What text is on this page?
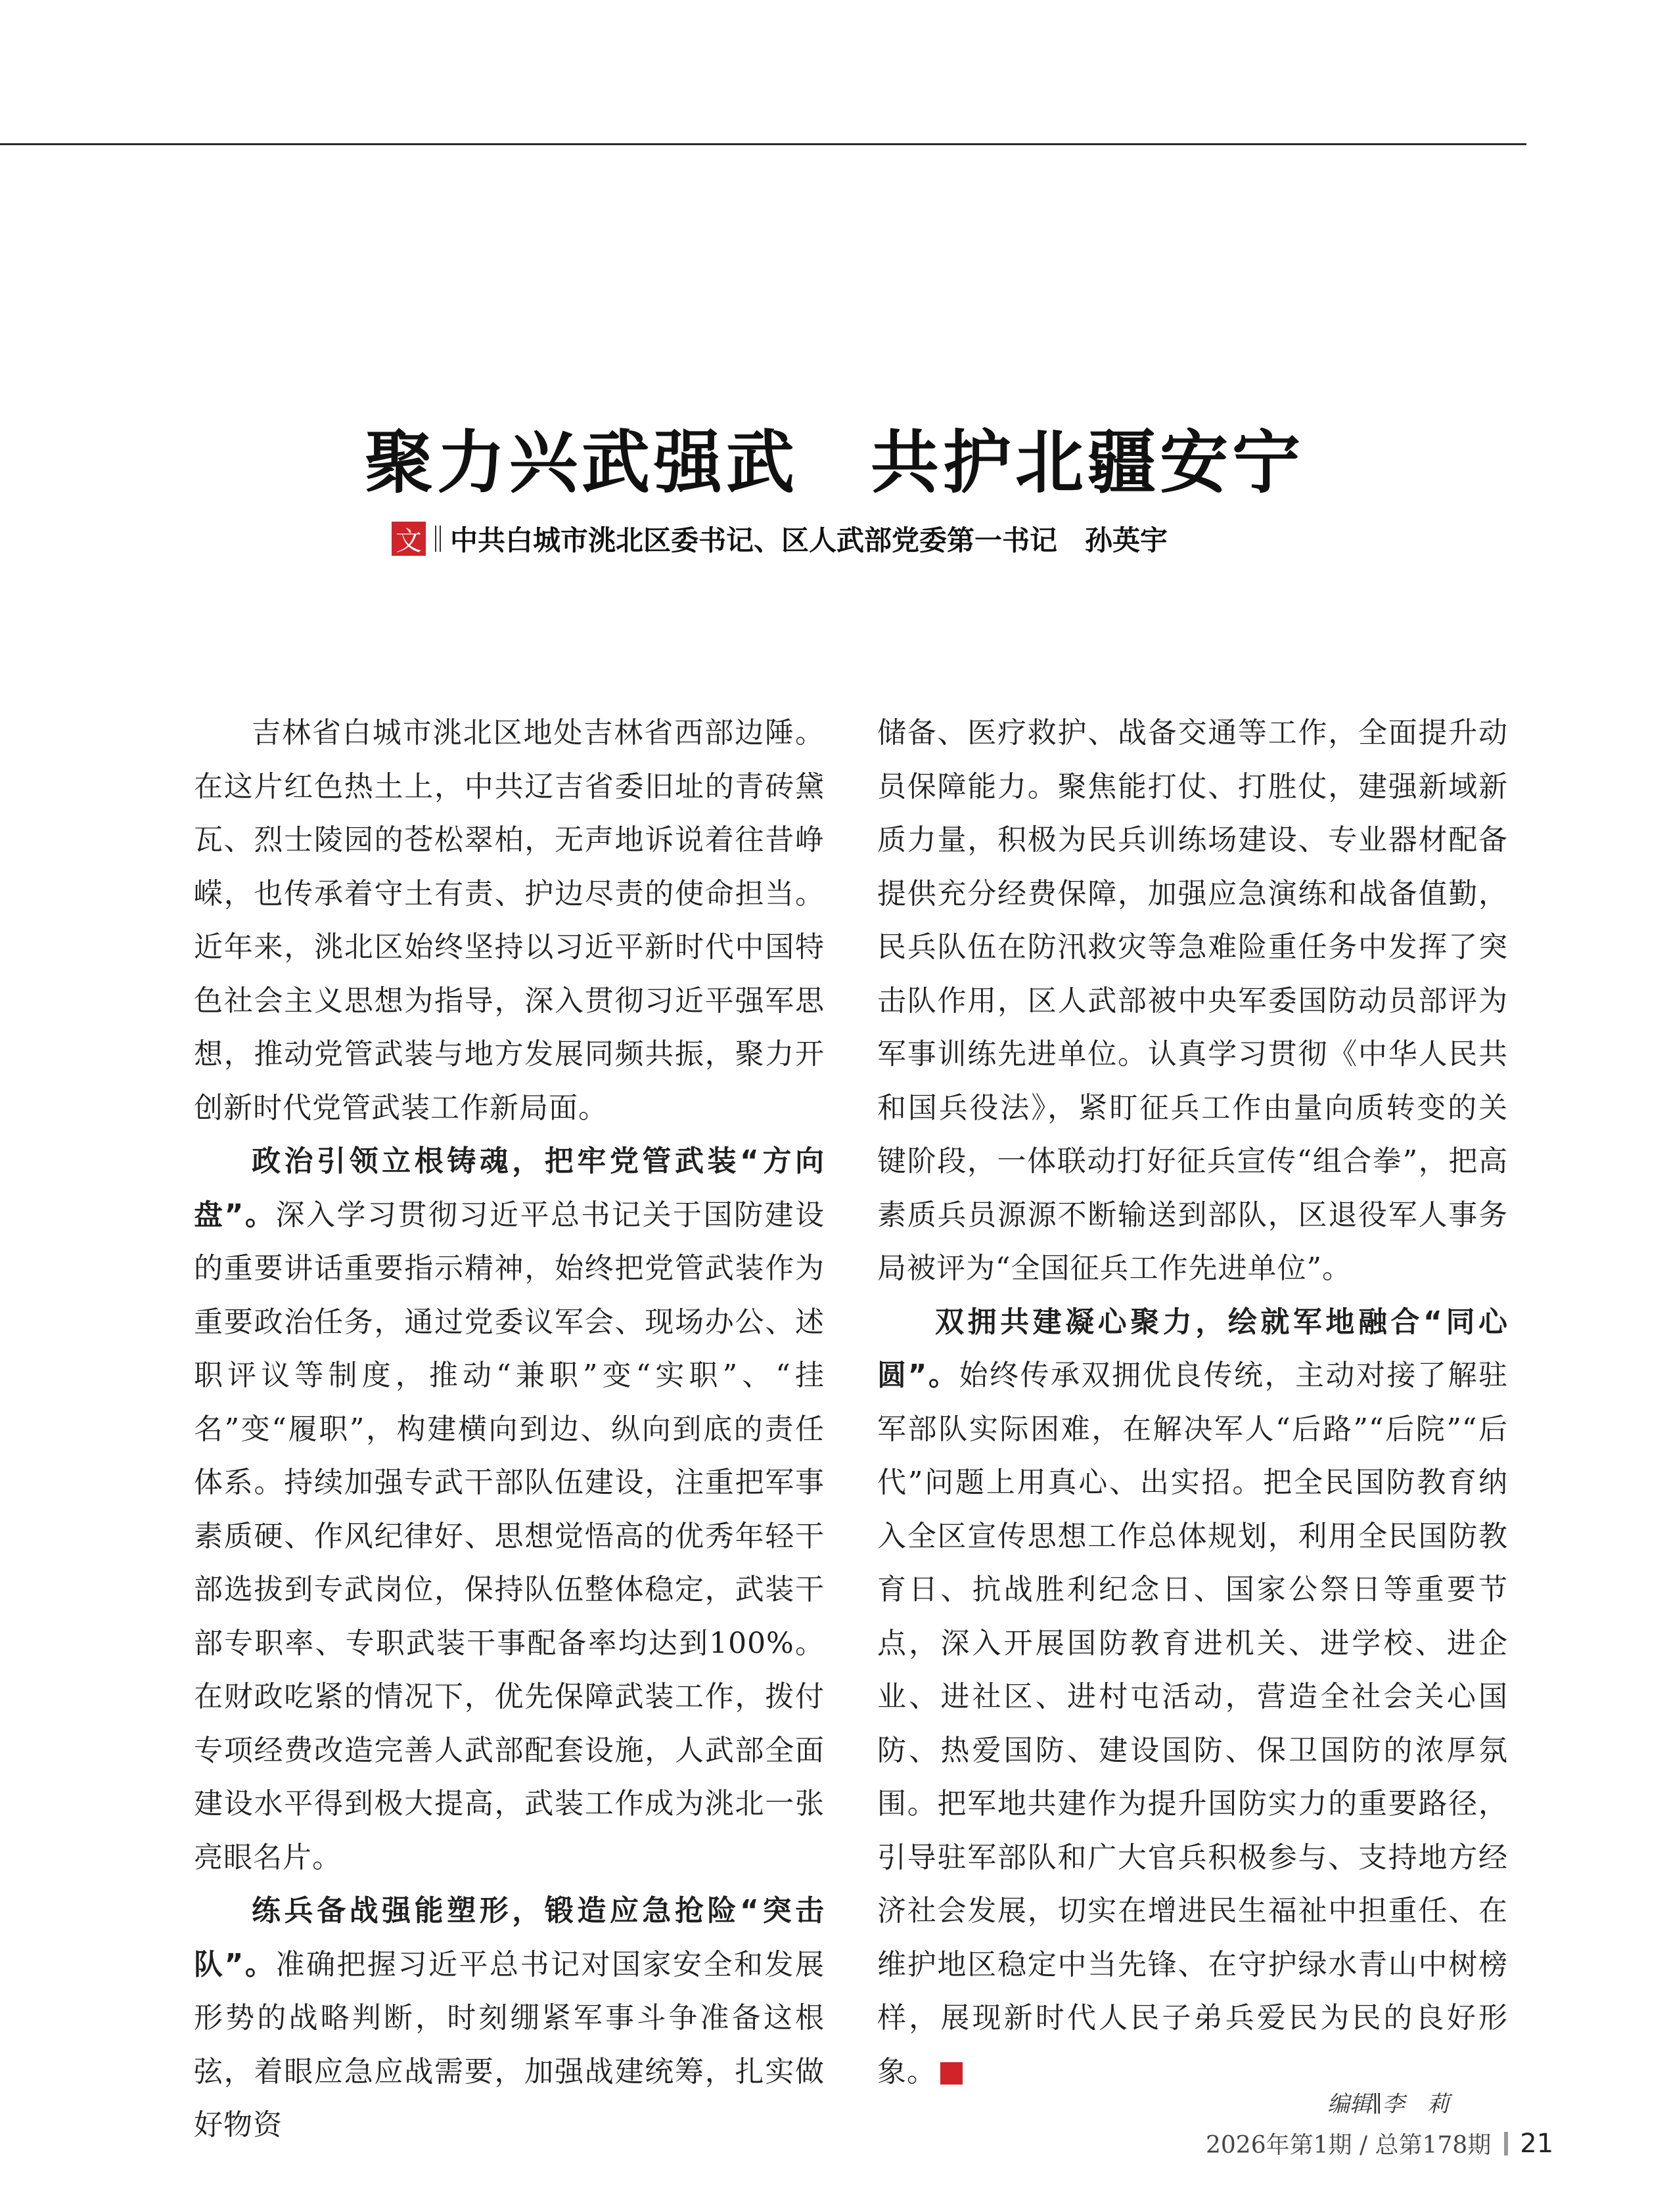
聚力兴武强武　共护北疆安宁
文 中共白城市洮北区委书记、区人武部党委第一书记　孙英宇

吉林省白城市洮北区地处吉林省西部边陲。在这片红色热土上，中共辽吉省委旧址的青砖黛瓦、烈士陵园的苍松翠柏，无声地诉说着往昔峥嵘，也传承着守土有责、护边尽责的使命担当。近年来，洮北区始终坚持以习近平新时代中国特色社会主义思想为指导，深入贯彻习近平强军思想，推动党管武装与地方发展同频共振，聚力开创新时代党管武装工作新局面。

政治引领立根铸魂，把牢党管武装“方向盘”。深入学习贯彻习近平总书记关于国防建设的重要讲话重要指示精神，始终把党管武装作为重要政治任务，通过党委议军会、现场办公、述职评议等制度，推动“兼职”变“实职”、“挂名”变“履职”，构建横向到边、纵向到底的责任体系。持续加强专武干部队伍建设，注重把军事素质硬、作风纪律好、思想觉悟高的优秀年轻干部选拔到专武岗位，保持队伍整体稳定，武装干部专职率、专职武装干事配备率均达到100%。在财政吃紧的情况下，优先保障武装工作，拨付专项经费改造完善人武部配套设施，人武部全面建设水平得到极大提高，武装工作成为洮北一张亮眼名片。

练兵备战强能塑形，锻造应急抢险“突击队”。准确把握习近平总书记对国家安全和发展形势的战略判断，时刻绷紧军事斗争准备这根弦，着眼应急应战需要，加强战建统筹，扎实做好物资

储备、医疗救护、战备交通等工作，全面提升动员保障能力。聚焦能打仗、打胜仗，建强新域新质力量，积极为民兵训练场建设、专业器材配备提供充分经费保障，加强应急演练和战备值勤，民兵队伍在防汛救灾等急难险重任务中发挥了突击队作用，区人武部被中央军委国防动员部评为军事训练先进单位。认真学习贯彻《中华人民共和国兵役法》，紧盯征兵工作由量向质转变的关键阶段，一体联动打好征兵宣传“组合拳”，把高素质兵员源源不断输送到部队，区退役军人事务局被评为“全国征兵工作先进单位”。

双拥共建凝心聚力，绘就军地融合“同心圆”。始终传承双拥优良传统，主动对接了解驻军部队实际困难，在解决军人“后路”“后院”“后代”问题上用真心、出实招。把全民国防教育纳入全区宣传思想工作总体规划，利用全民国防教育日、抗战胜利纪念日、国家公祭日等重要节点，深入开展国防教育进机关、进学校、进企业、进社区、进村屯活动，营造全社会关心国防、热爱国防、建设国防、保卫国防的浓厚氛围。把军地共建作为提升国防实力的重要路径，引导驻军部队和广大官兵积极参与、支持地方经济社会发展，切实在增进民生福祉中担重任、在维护地区稳定中当先锋、在守护绿水青山中树榜样，展现新时代人民子弟兵爱民为民的良好形象。	G

编辑∥李　莉
2026年第1期 / 总第178期 21
